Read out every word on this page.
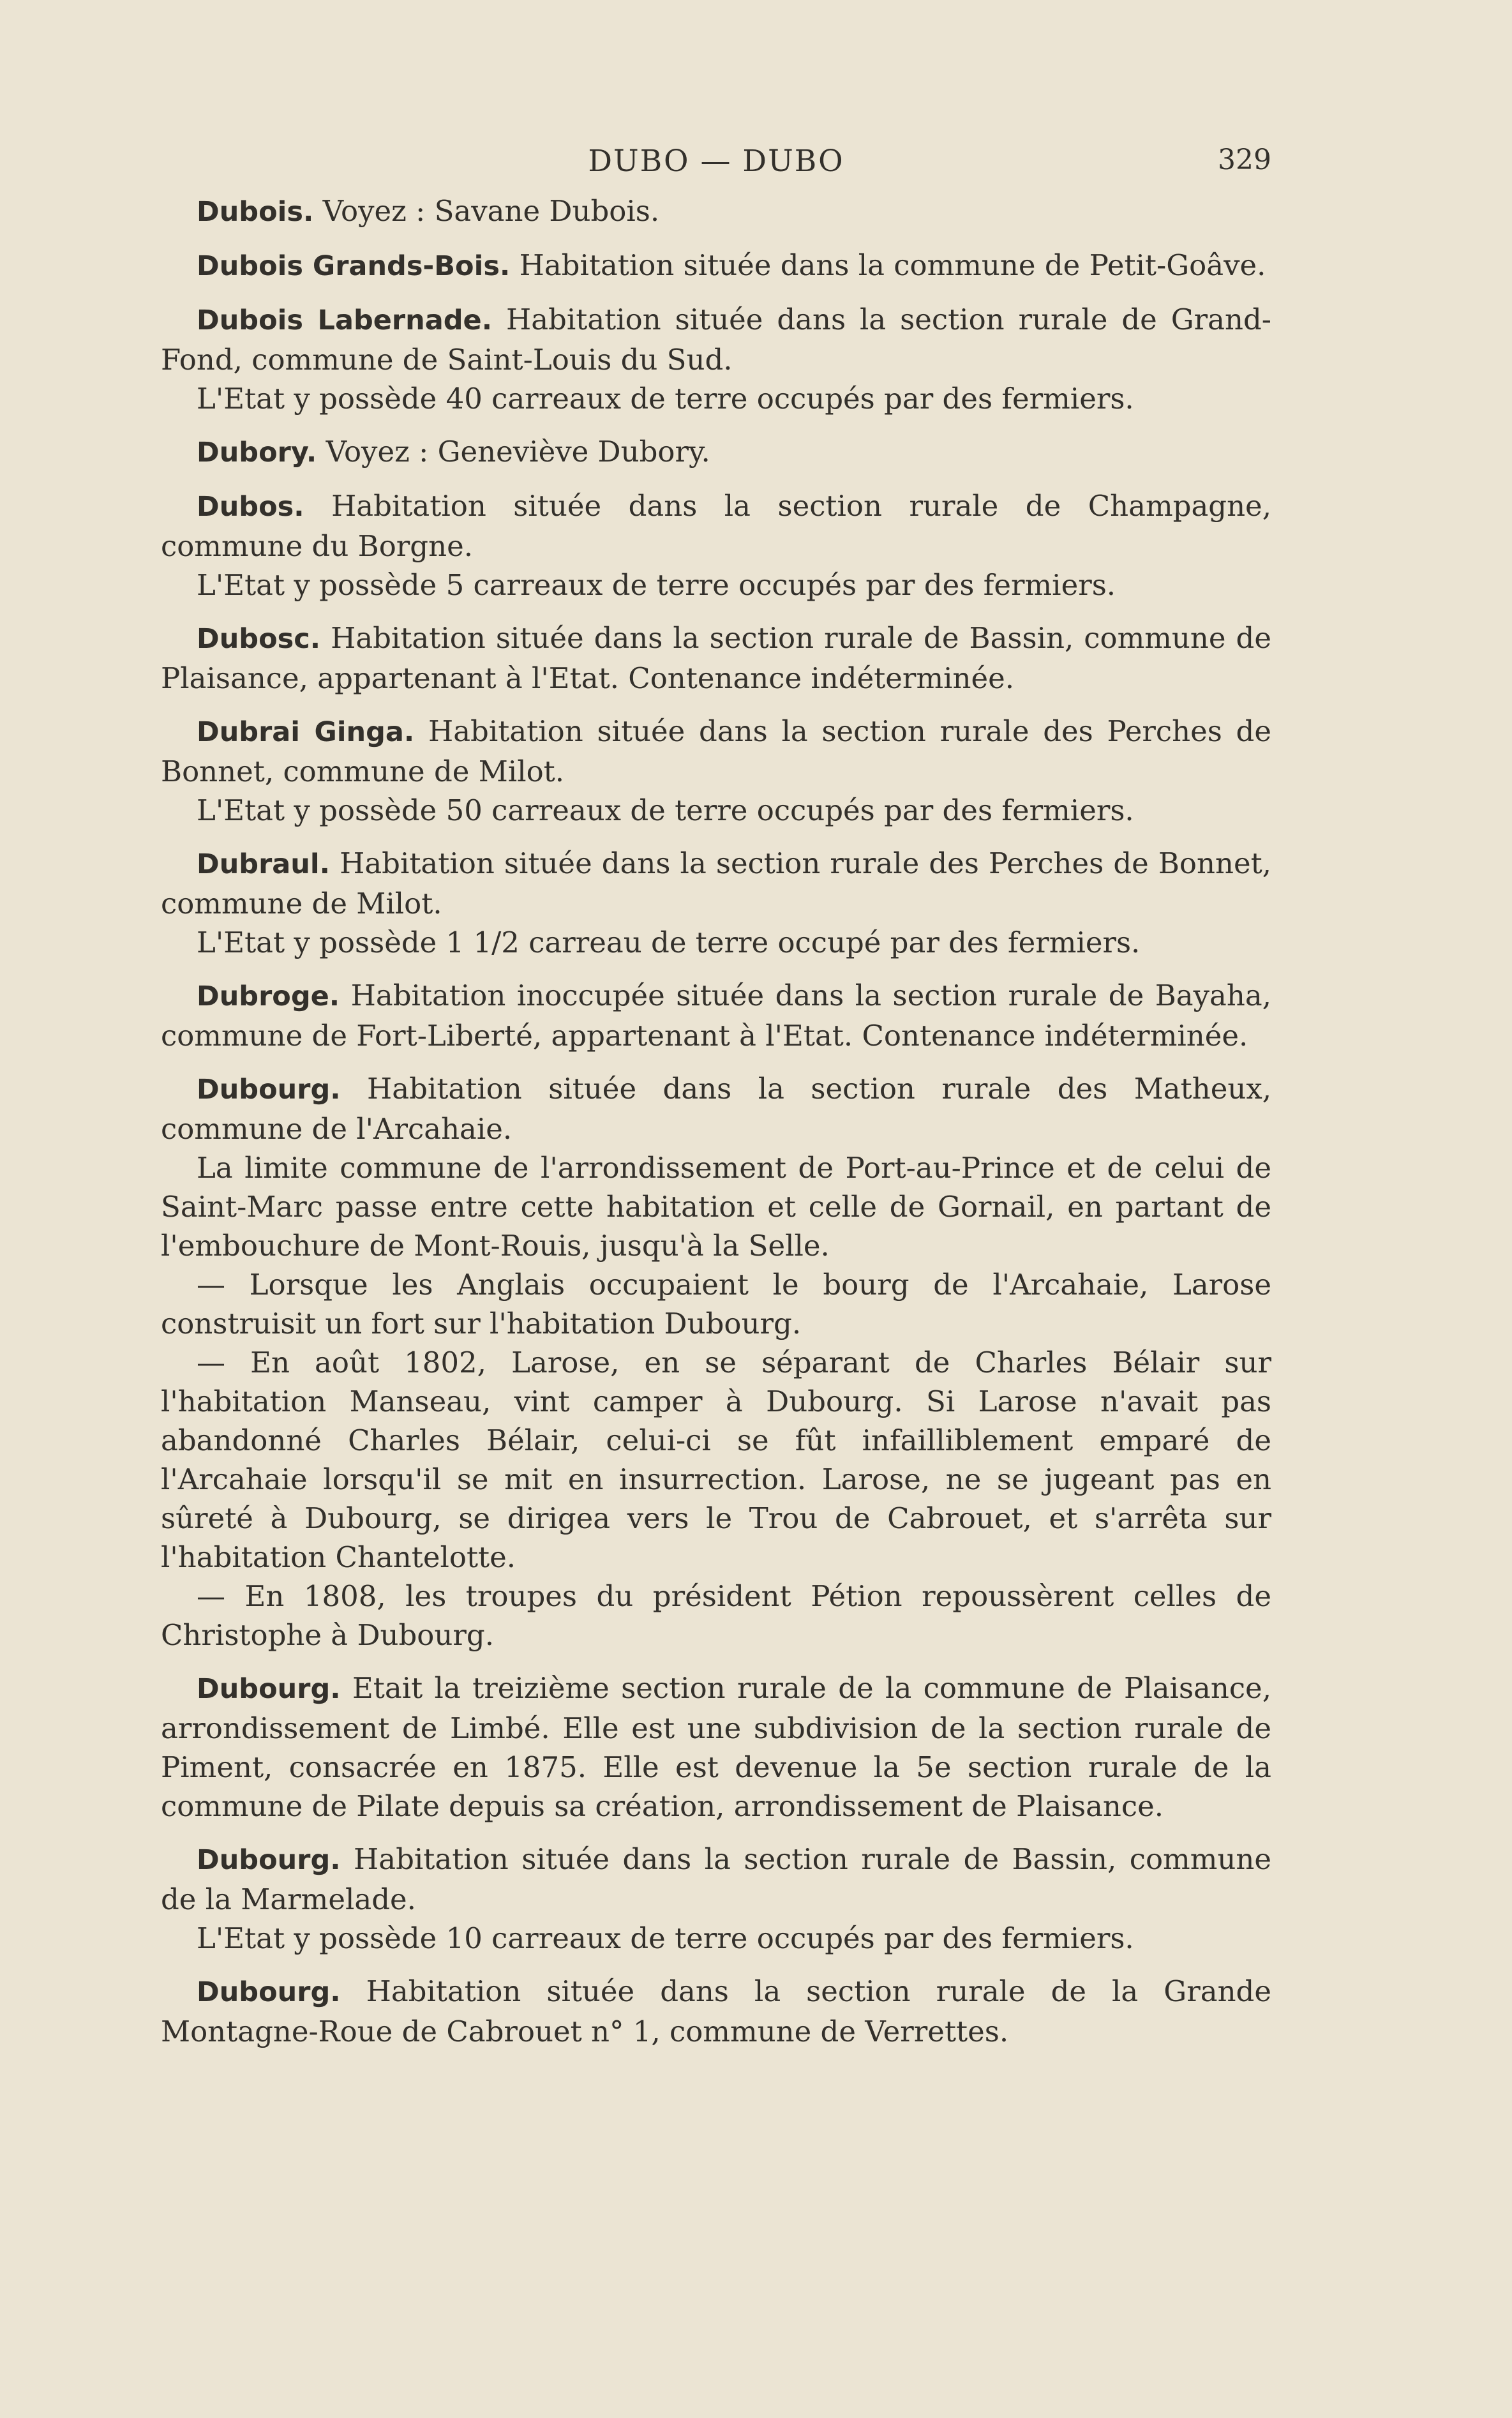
DUBO — DUBO	329

Dubois. Voyez : Savane Dubois.

Dubois Grands-Bois. Habitation située dans la commune de Petit-Goâve.

Dubois Labernade. Habitation située dans la section rurale de Grand-Fond, commune de Saint-Louis du Sud.

L'Etat y possède 40 carreaux de terre occupés par des fermiers.

Dubory. Voyez : Geneviève Dubory.

Dubos. Habitation située dans la section rurale de Champagne, commune du Borgne.

L'Etat y possède 5 carreaux de terre occupés par des fermiers.

Dubosc. Habitation située dans la section rurale de Bassin, commune de Plaisance, appartenant à l'Etat. Contenance indéterminée.

Dubrai Ginga. Habitation située dans la section rurale des Perches de Bonnet, commune de Milot.

L'Etat y possède 50 carreaux de terre occupés par des fermiers.

Dubraul. Habitation située dans la section rurale des Perches de Bonnet, commune de Milot.

L'Etat y possède 1 1/2 carreau de terre occupé par des fermiers.

Dubroge. Habitation inoccupée située dans la section rurale de Bayaha, commune de Fort-Liberté, appartenant à l'Etat. Contenance indéterminée.

Dubourg. Habitation située dans la section rurale des Matheux, commune de l'Arcahaie.

La limite commune de l'arrondissement de Port-au-Prince et de celui de Saint-Marc passe entre cette habitation et celle de Gornail, en partant de l'embouchure de Mont-Rouis, jusqu'à la Selle.

— Lorsque les Anglais occupaient le bourg de l'Arcahaie, Larose construisit un fort sur l'habitation Dubourg.

— En août 1802, Larose, en se séparant de Charles Bélair sur l'habitation Manseau, vint camper à Dubourg. Si Larose n'avait pas abandonné Charles Bélair, celui-ci se fût infailliblement emparé de l'Arcahaie lorsqu'il se mit en insurrection. Larose, ne se jugeant pas en sûreté à Dubourg, se dirigea vers le Trou de Cabrouet, et s'arrêta sur l'habitation Chantelotte.

— En 1808, les troupes du président Pétion repoussèrent celles de Christophe à Dubourg.

Dubourg. Etait la treizième section rurale de la commune de Plaisance, arrondissement de Limbé. Elle est une subdivision de la section rurale de Piment, consacrée en 1875. Elle est devenue la 5e section rurale de la commune de Pilate depuis sa création, arrondissement de Plaisance.

Dubourg. Habitation située dans la section rurale de Bassin, commune de la Marmelade.

L'Etat y possède 10 carreaux de terre occupés par des fermiers.

Dubourg. Habitation située dans la section rurale de la Grande Montagne-Roue de Cabrouet n° 1, commune de Verrettes.
